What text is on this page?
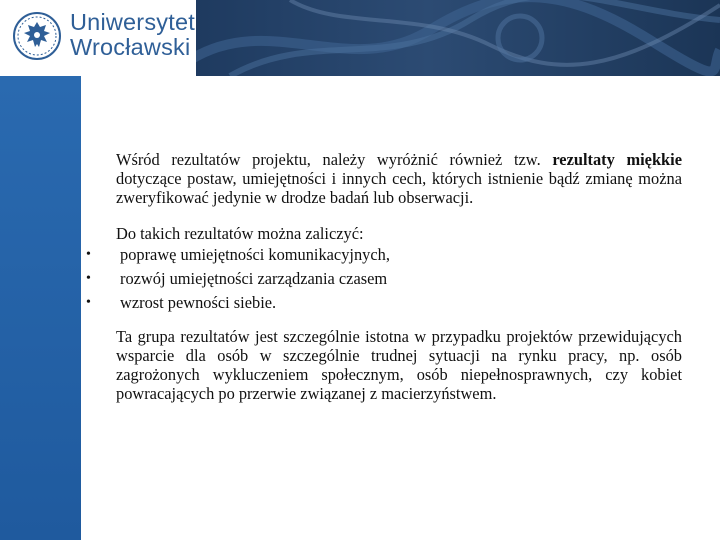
Uniwersytet
Wrocławski

Wśród rezultatów projektu, należy wyróżnić również tzw. rezultaty miękkie dotyczące postaw, umiejętności i innych cech, których istnienie bądź zmianę można zweryfikować jedynie w drodze badań lub obserwacji.

Do takich rezultatów można zaliczyć:

• poprawę umiejętności komunikacyjnych,
• rozwój umiejętności zarządzania czasem
• wzrost pewności siebie.

Ta grupa rezultatów jest szczególnie istotna w przypadku projektów przewidujących wsparcie dla osób w szczególnie trudnej sytuacji na rynku pracy, np. osób zagrożonych wykluczeniem społecznym, osób niepełnosprawnych, czy kobiet powracających po przerwie związanej z macierzyństwem.
